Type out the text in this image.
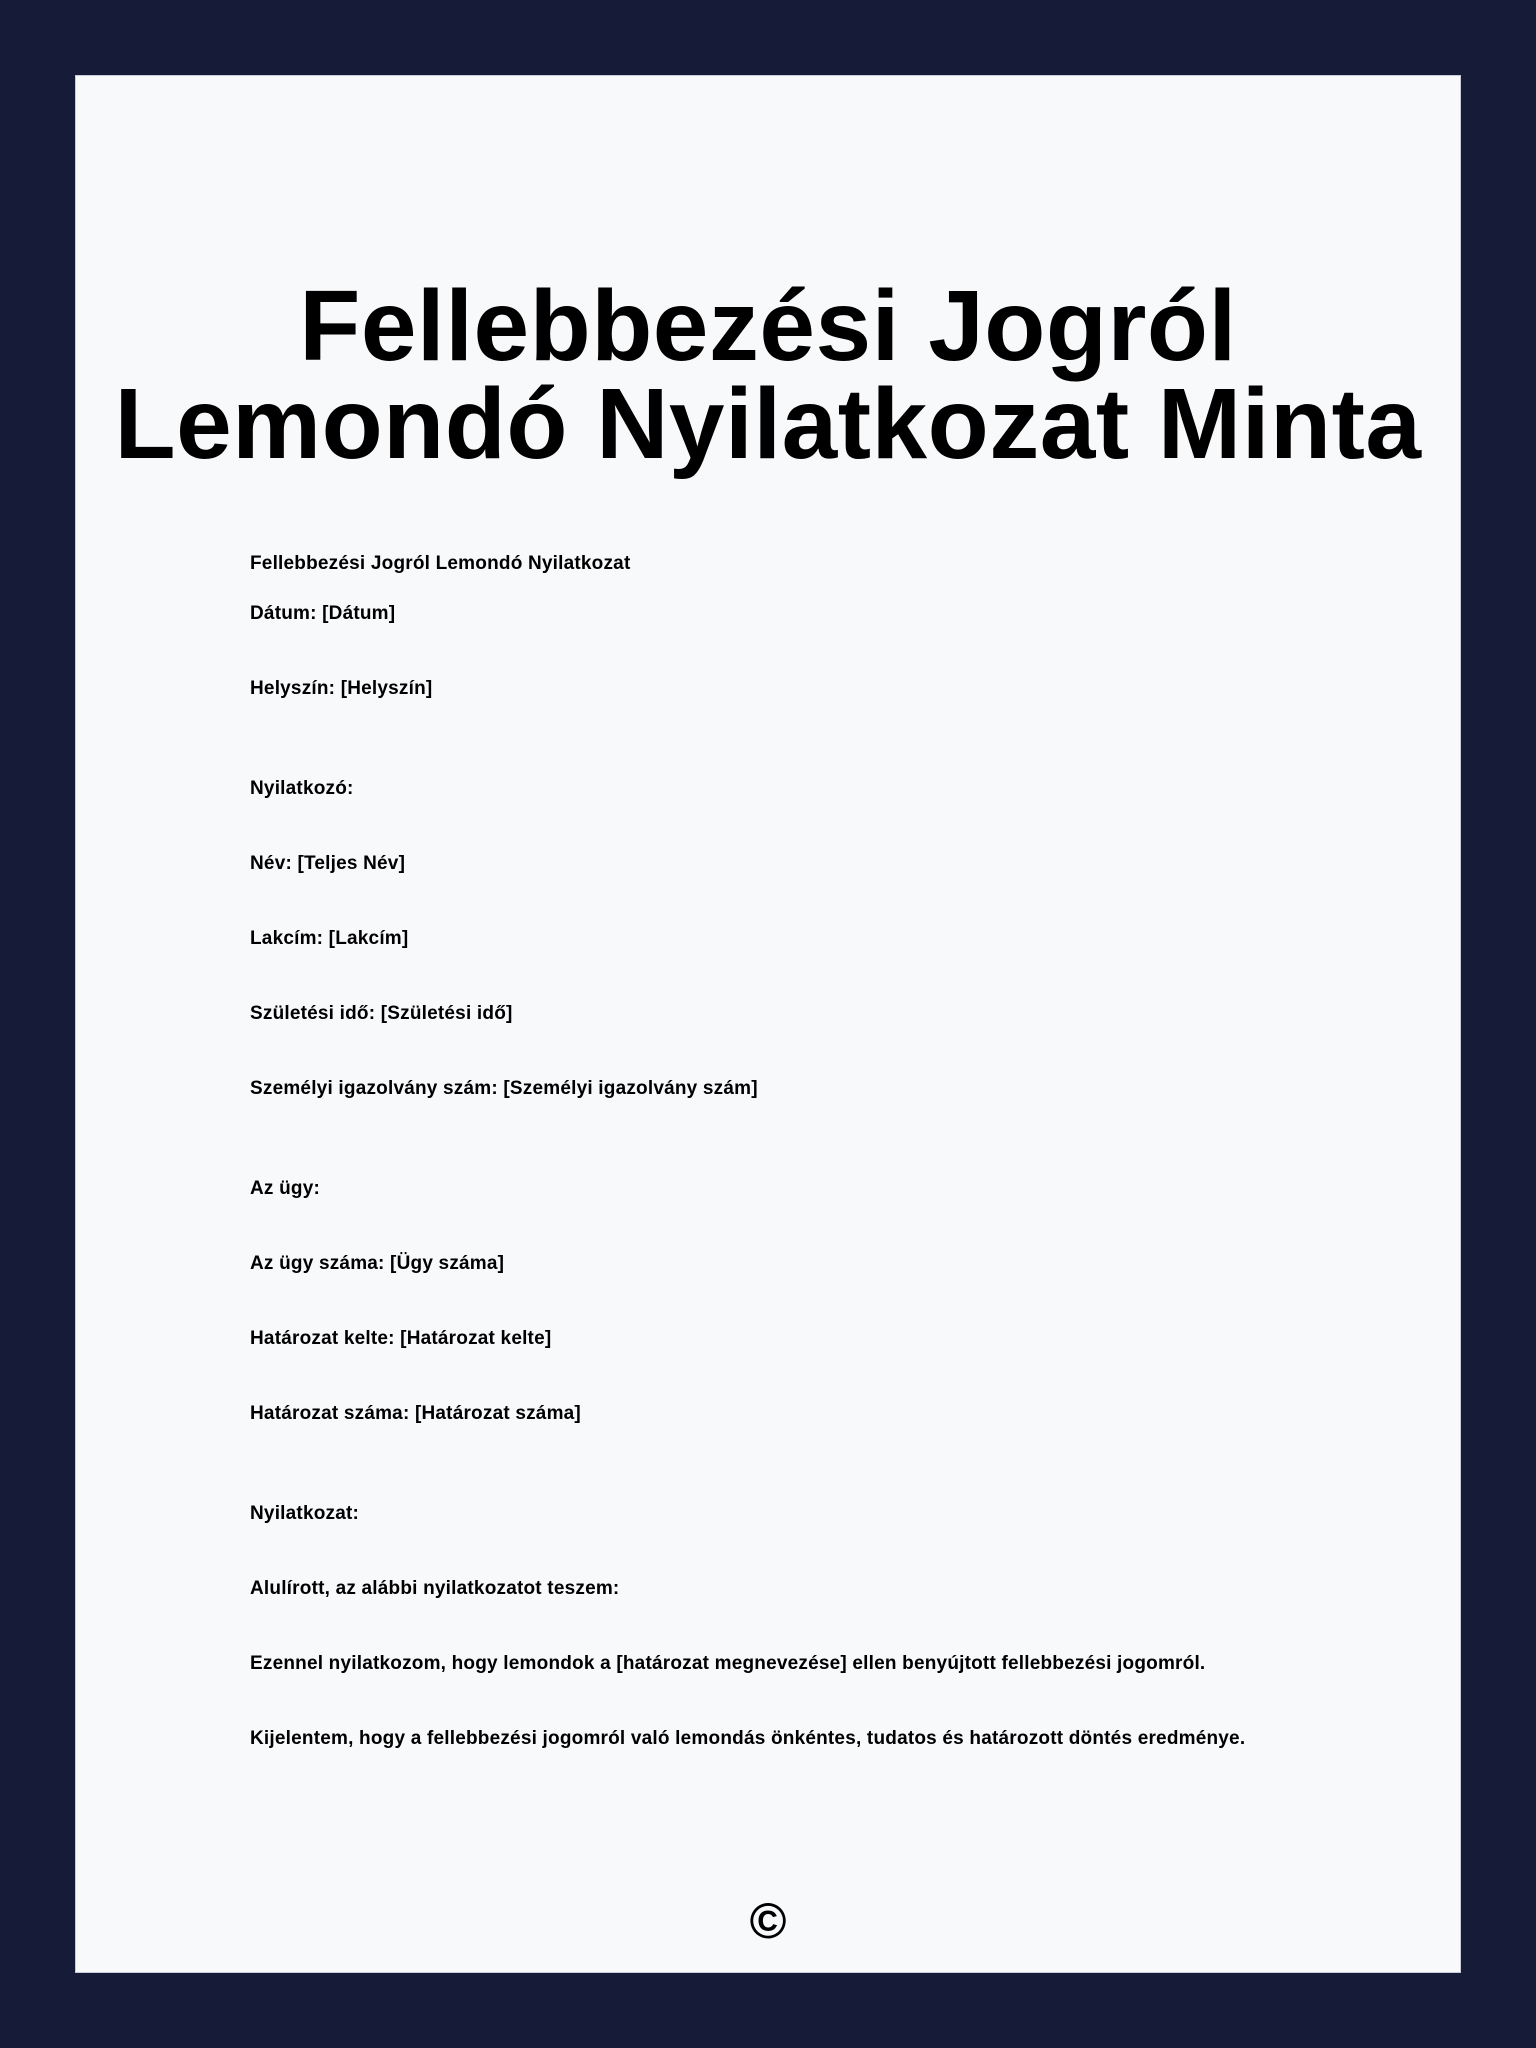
Fellebbezési Jogról
Lemondó Nyilatkozat Minta

Fellebbezési Jogról Lemondó Nyilatkozat

Dátum: [Dátum]

Helyszín: [Helyszín]

Nyilatkozó:

Név: [Teljes Név]

Lakcím: [Lakcím]

Születési idő: [Születési idő]

Személyi igazolvány szám: [Személyi igazolvány szám]

Az ügy:

Az ügy száma: [Ügy száma]

Határozat kelte: [Határozat kelte]

Határozat száma: [Határozat száma]

Nyilatkozat:

Alulírott, az alábbi nyilatkozatot teszem:

Ezennel nyilatkozom, hogy lemondok a [határozat megnevezése] ellen benyújtott fellebbezési jogomról.

Kijelentem, hogy a fellebbezési jogomról való lemondás önkéntes, tudatos és határozott döntés eredménye.

©
